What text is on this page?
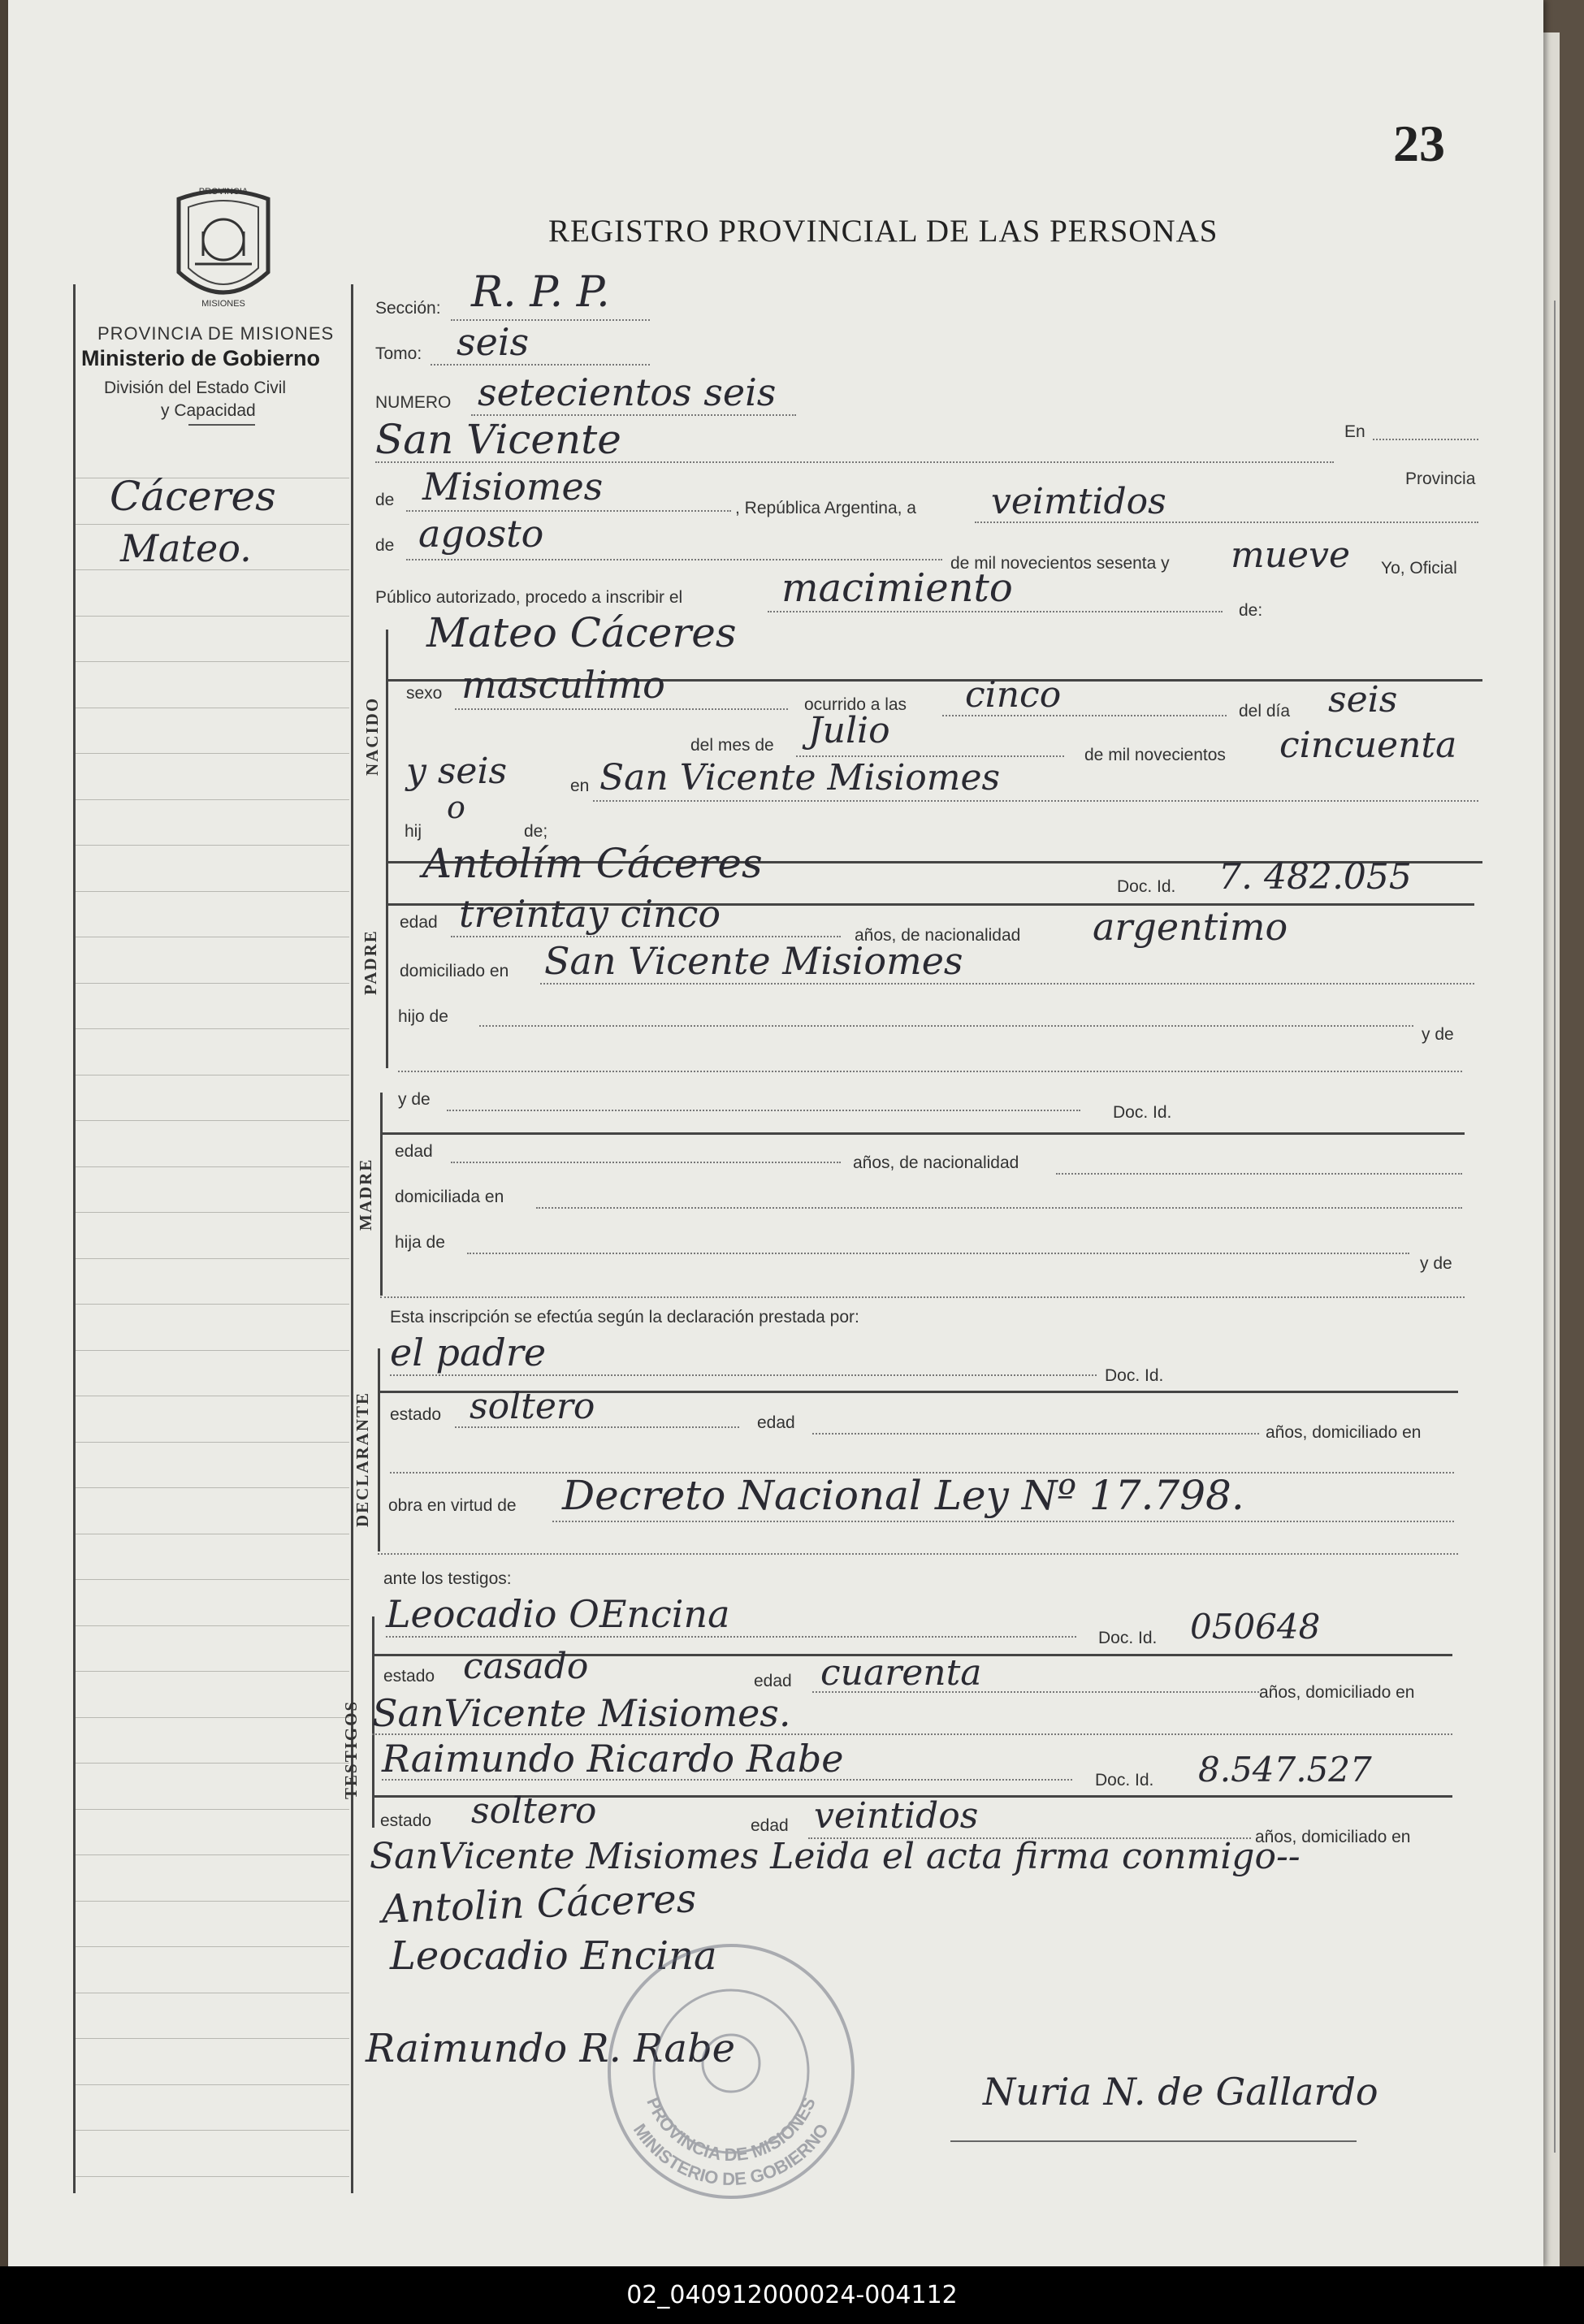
23
REGISTRO PROVINCIAL DE LAS PERSONAS
PROVINCIA
MISIONES
PROVINCIA DE MISIONES
Ministerio de Gobierno
División del Estado Civil
y Capacidad
Cáceres
Mateo.
Sección: R. P. P.
Tomo: seis
NUMERO setecientos seis
San Vicente	En
Provincia
de Misiomes	, República Argentina, a veimtidos
de agosto
de mil novecientos sesenta y mueve Yo, Oficial
Público autorizado, procedo a inscribir el	macimiento	de:
NACIDO
Mateo Cáceres
sexo masculimo	ocurrido a las cinco	del día seis
del mes de Julio
de mil novecientos cincuenta
y seis	en San Vicente Misiomes
hij
o
de;
PADRE
Antolím Cáceres	Doc. Id. 7. 482.055
edad treintay cinco	años, de nacionalidad argentimo
domiciliado en San Vicente Misiomes
hijo de
y de
MADRE
y de
Doc. Id.
edad
años, de nacionalidad
domiciliada en
hija de
y de
Esta inscripción se efectúa según la declaración prestada por:
DECLARANTE
el padre
Doc. Id.
estado soltero	edad
años, domiciliado en
obra en virtud de Decreto Nacional Ley Nº 17.798.
ante los testigos:
TESTIGOS
Leocadio OEncina
Doc. Id. 050648
estado casado	edad cuarenta	años, domiciliado en
SanVicente Misiomes.
Raimundo Ricardo Rabe	Doc. Id. 8.547.527
estado soltero	edad veintidos
años, domiciliado en
SanVicente Misiomes Leida el acta firma conmigo--
Antolin Cáceres
Leocadio Encina
Raimundo R. Rabe
Nuria N. de Gallardo
PROVINCIA DE MISIONES
MINISTERIO DE GOBIERNO
02_040912000024-004112
